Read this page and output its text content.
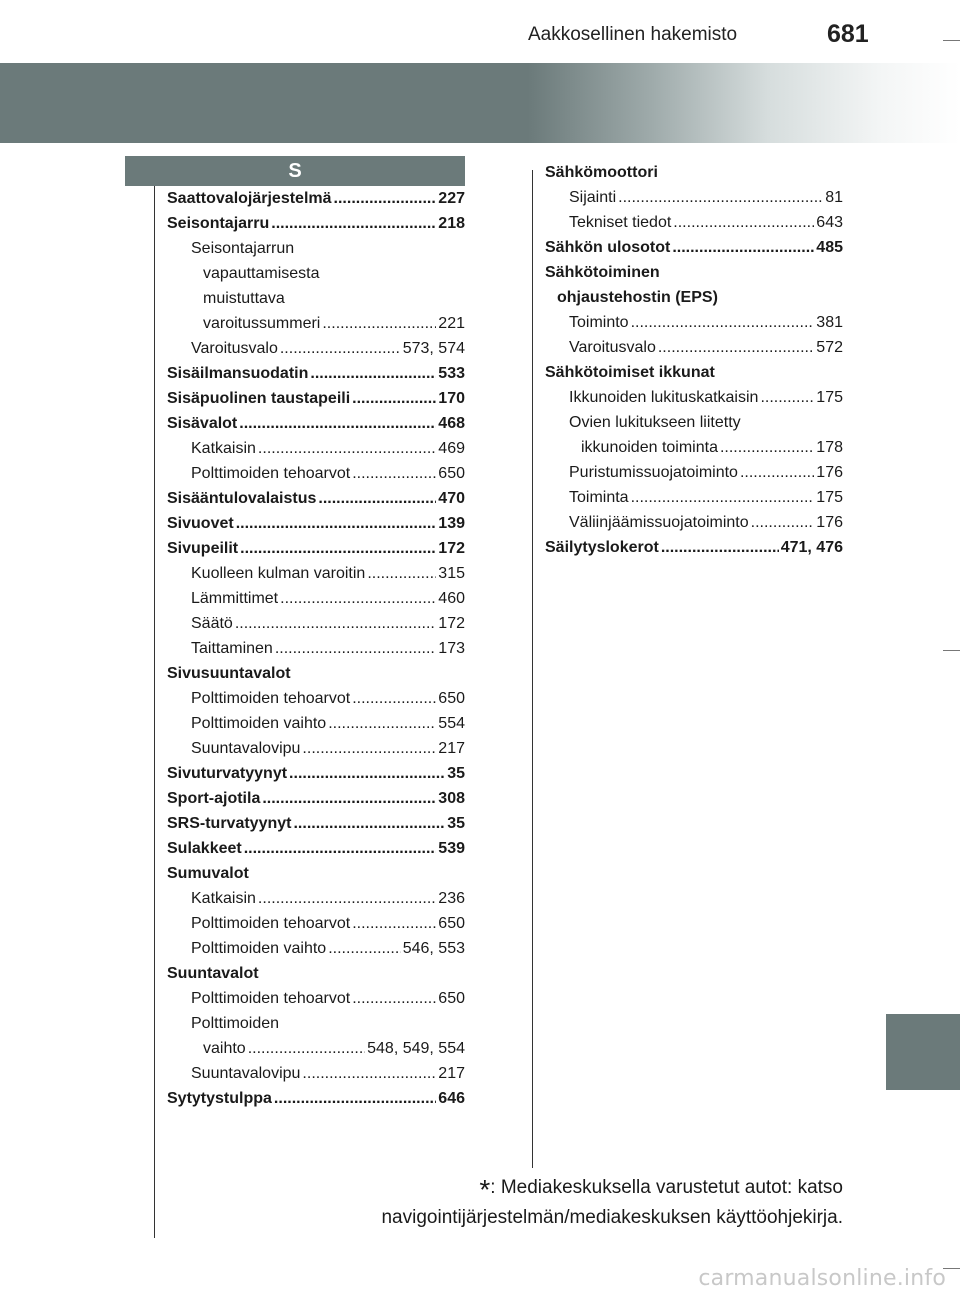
Aakkosellinen hakemisto	681
S
Saattovalojärjestelmä .....	227
Seisontajarru .....	218
Seisontajarrun
vapauttamisesta
muistuttava
varoitussummeri .....	221
Varoitusvalo .....	573, 574
Sisäilmansuodatin .....	533
Sisäpuolinen taustapeili .....	170
Sisävalot .....	468
Katkaisin .....	469
Polttimoiden tehoarvot .....	650
Sisääntulovalaistus .....	470
Sivuovet .....	139
Sivupeilit .....	172
Kuolleen kulman varoitin .....	315
Lämmittimet .....	460
Säätö .....	172
Taittaminen .....	173
Sivusuuntavalot
Polttimoiden tehoarvot .....	650
Polttimoiden vaihto .....	554
Suuntavalovipu .....	217
Sivuturvatyynyt .....	35
Sport-ajotila .....	308
SRS-turvatyynyt .....	35
Sulakkeet .....	539
Sumuvalot
Katkaisin .....	236
Polttimoiden tehoarvot .....	650
Polttimoiden vaihto .....	546, 553
Suuntavalot
Polttimoiden tehoarvot .....	650
Polttimoiden
vaihto .....	548, 549, 554
Suuntavalovipu .....	217
Sytytystulppa .....	646
Sähkömoottori
Sijainti .....	81
Tekniset tiedot .....	643
Sähkön ulosotot .....	485
Sähkötoiminen
ohjaustehostin (EPS)
Toiminto .....	381
Varoitusvalo .....	572
Sähkötoimiset ikkunat
Ikkunoiden lukituskatkaisin .....	175
Ovien lukitukseen liitetty
ikkunoiden toiminta .....	178
Puristumissuojatoiminto .....	176
Toiminta .....	175
Väliinjäämissuojatoiminto .....	176
Säilytyslokerot .....	471, 476
*: Mediakeskuksella varustetut autot: katso
navigointijärjestelmän/mediakeskuksen käyttöohjekirja.
carmanualsonline.info
